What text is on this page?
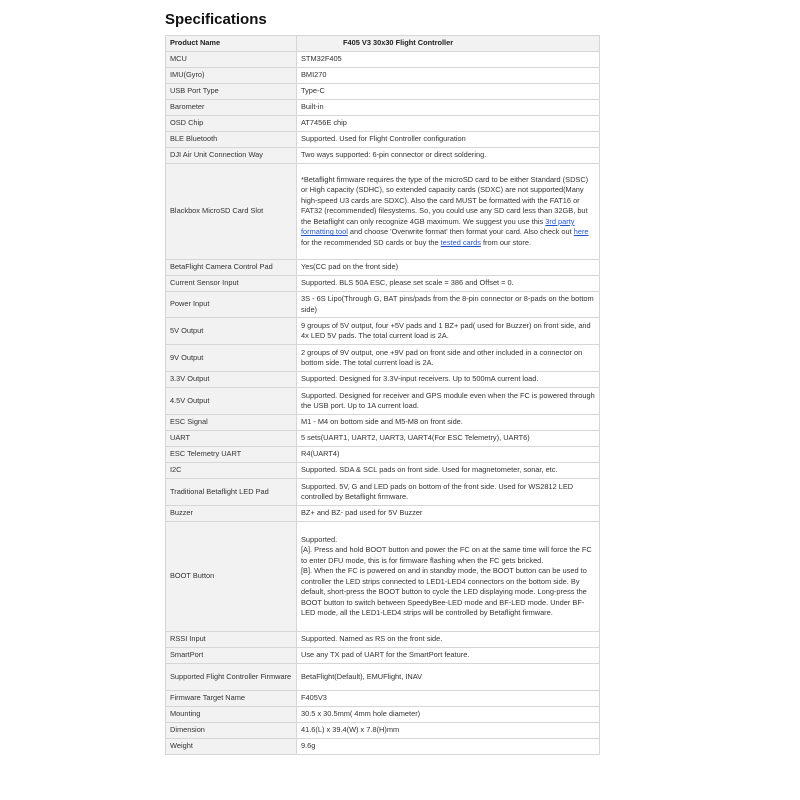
Specifications
Product Name	F405 V3 30x30 Flight Controller
MCU	STM32F405
IMU(Gyro)	BMI270
USB Port Type	Type-C
Barometer	Built-in
OSD Chip	AT7456E chip
BLE Bluetooth	Supported. Used for Flight Controller configuration
DJI Air Unit Connection Way	Two ways supported: 6-pin connector or direct soldering.
Blackbox MicroSD Card Slot	*Betaflight firmware requires the type of the microSD card to be either Standard (SDSC) or High capacity (SDHC), so extended capacity cards (SDXC) are not supported(Many high-speed U3 cards are SDXC). Also the card MUST be formatted with the FAT16 or FAT32 (recommended) filesystems. So, you could use any SD card less than 32GB, but the Betaflight can only recognize 4GB maximum. We suggest you use this 3rd party formatting tool and choose 'Overwrite format' then format your card. Also check out here for the recommended SD cards or buy the tested cards from our store.
BetaFlight Camera Control Pad	Yes(CC pad on the front side)
Current Sensor Input	Supported. BLS 50A ESC, please set scale = 386 and Offset = 0.
Power Input	3S - 6S Lipo(Through G, BAT pins/pads from the 8-pin connector or 8-pads on the bottom side)
5V Output	9 groups of 5V output, four +5V pads and 1 BZ+ pad( used for Buzzer) on front side, and 4x LED 5V pads. The total current load is 2A.
9V Output	2 groups of 9V output, one +9V pad on front side and other included in a connector on bottom side. The total current load is 2A.
3.3V Output	Supported. Designed for 3.3V-input receivers. Up to 500mA current load.
4.5V Output	Supported. Designed for receiver and GPS module even when the FC is powered through the USB port. Up to 1A current load.
ESC Signal	M1 - M4 on bottom side and M5-M8 on front side.
UART	5 sets(UART1, UART2, UART3, UART4(For ESC Telemetry), UART6)
ESC Telemetry UART	R4(UART4)
I2C	Supported. SDA & SCL pads on front side. Used for magnetometer, sonar, etc.
Traditional Betaflight LED Pad	Supported. 5V, G and LED pads on bottom of the front side. Used for WS2812 LED controlled by Betaflight firmware.
Buzzer	BZ+ and BZ- pad used for 5V Buzzer
BOOT Button	Supported.
[A]. Press and hold BOOT button and power the FC on at the same time will force the FC to enter DFU mode, this is for firmware flashing when the FC gets bricked.
[B]. When the FC is powered on and in standby mode, the BOOT button can be used to controller the LED strips connected to LED1-LED4 connectors on the bottom side. By default, short-press the BOOT button to cycle the LED displaying mode. Long-press the BOOT button to switch between SpeedyBee-LED mode and BF-LED mode. Under BF-LED mode, all the LED1-LED4 strips will be controlled by Betaflight firmware.

RSSI Input	Supported. Named as RS on the front side.
SmartPort	Use any TX pad of UART for the SmartPort feature.
Supported Flight Controller Firmware	BetaFlight(Default), EMUFlight, INAV
Firmware Target Name	F405V3
Mounting	30.5 x 30.5mm( 4mm hole diameter)
Dimension	41.6(L) x 39.4(W) x 7.8(H)mm
Weight	9.6g
